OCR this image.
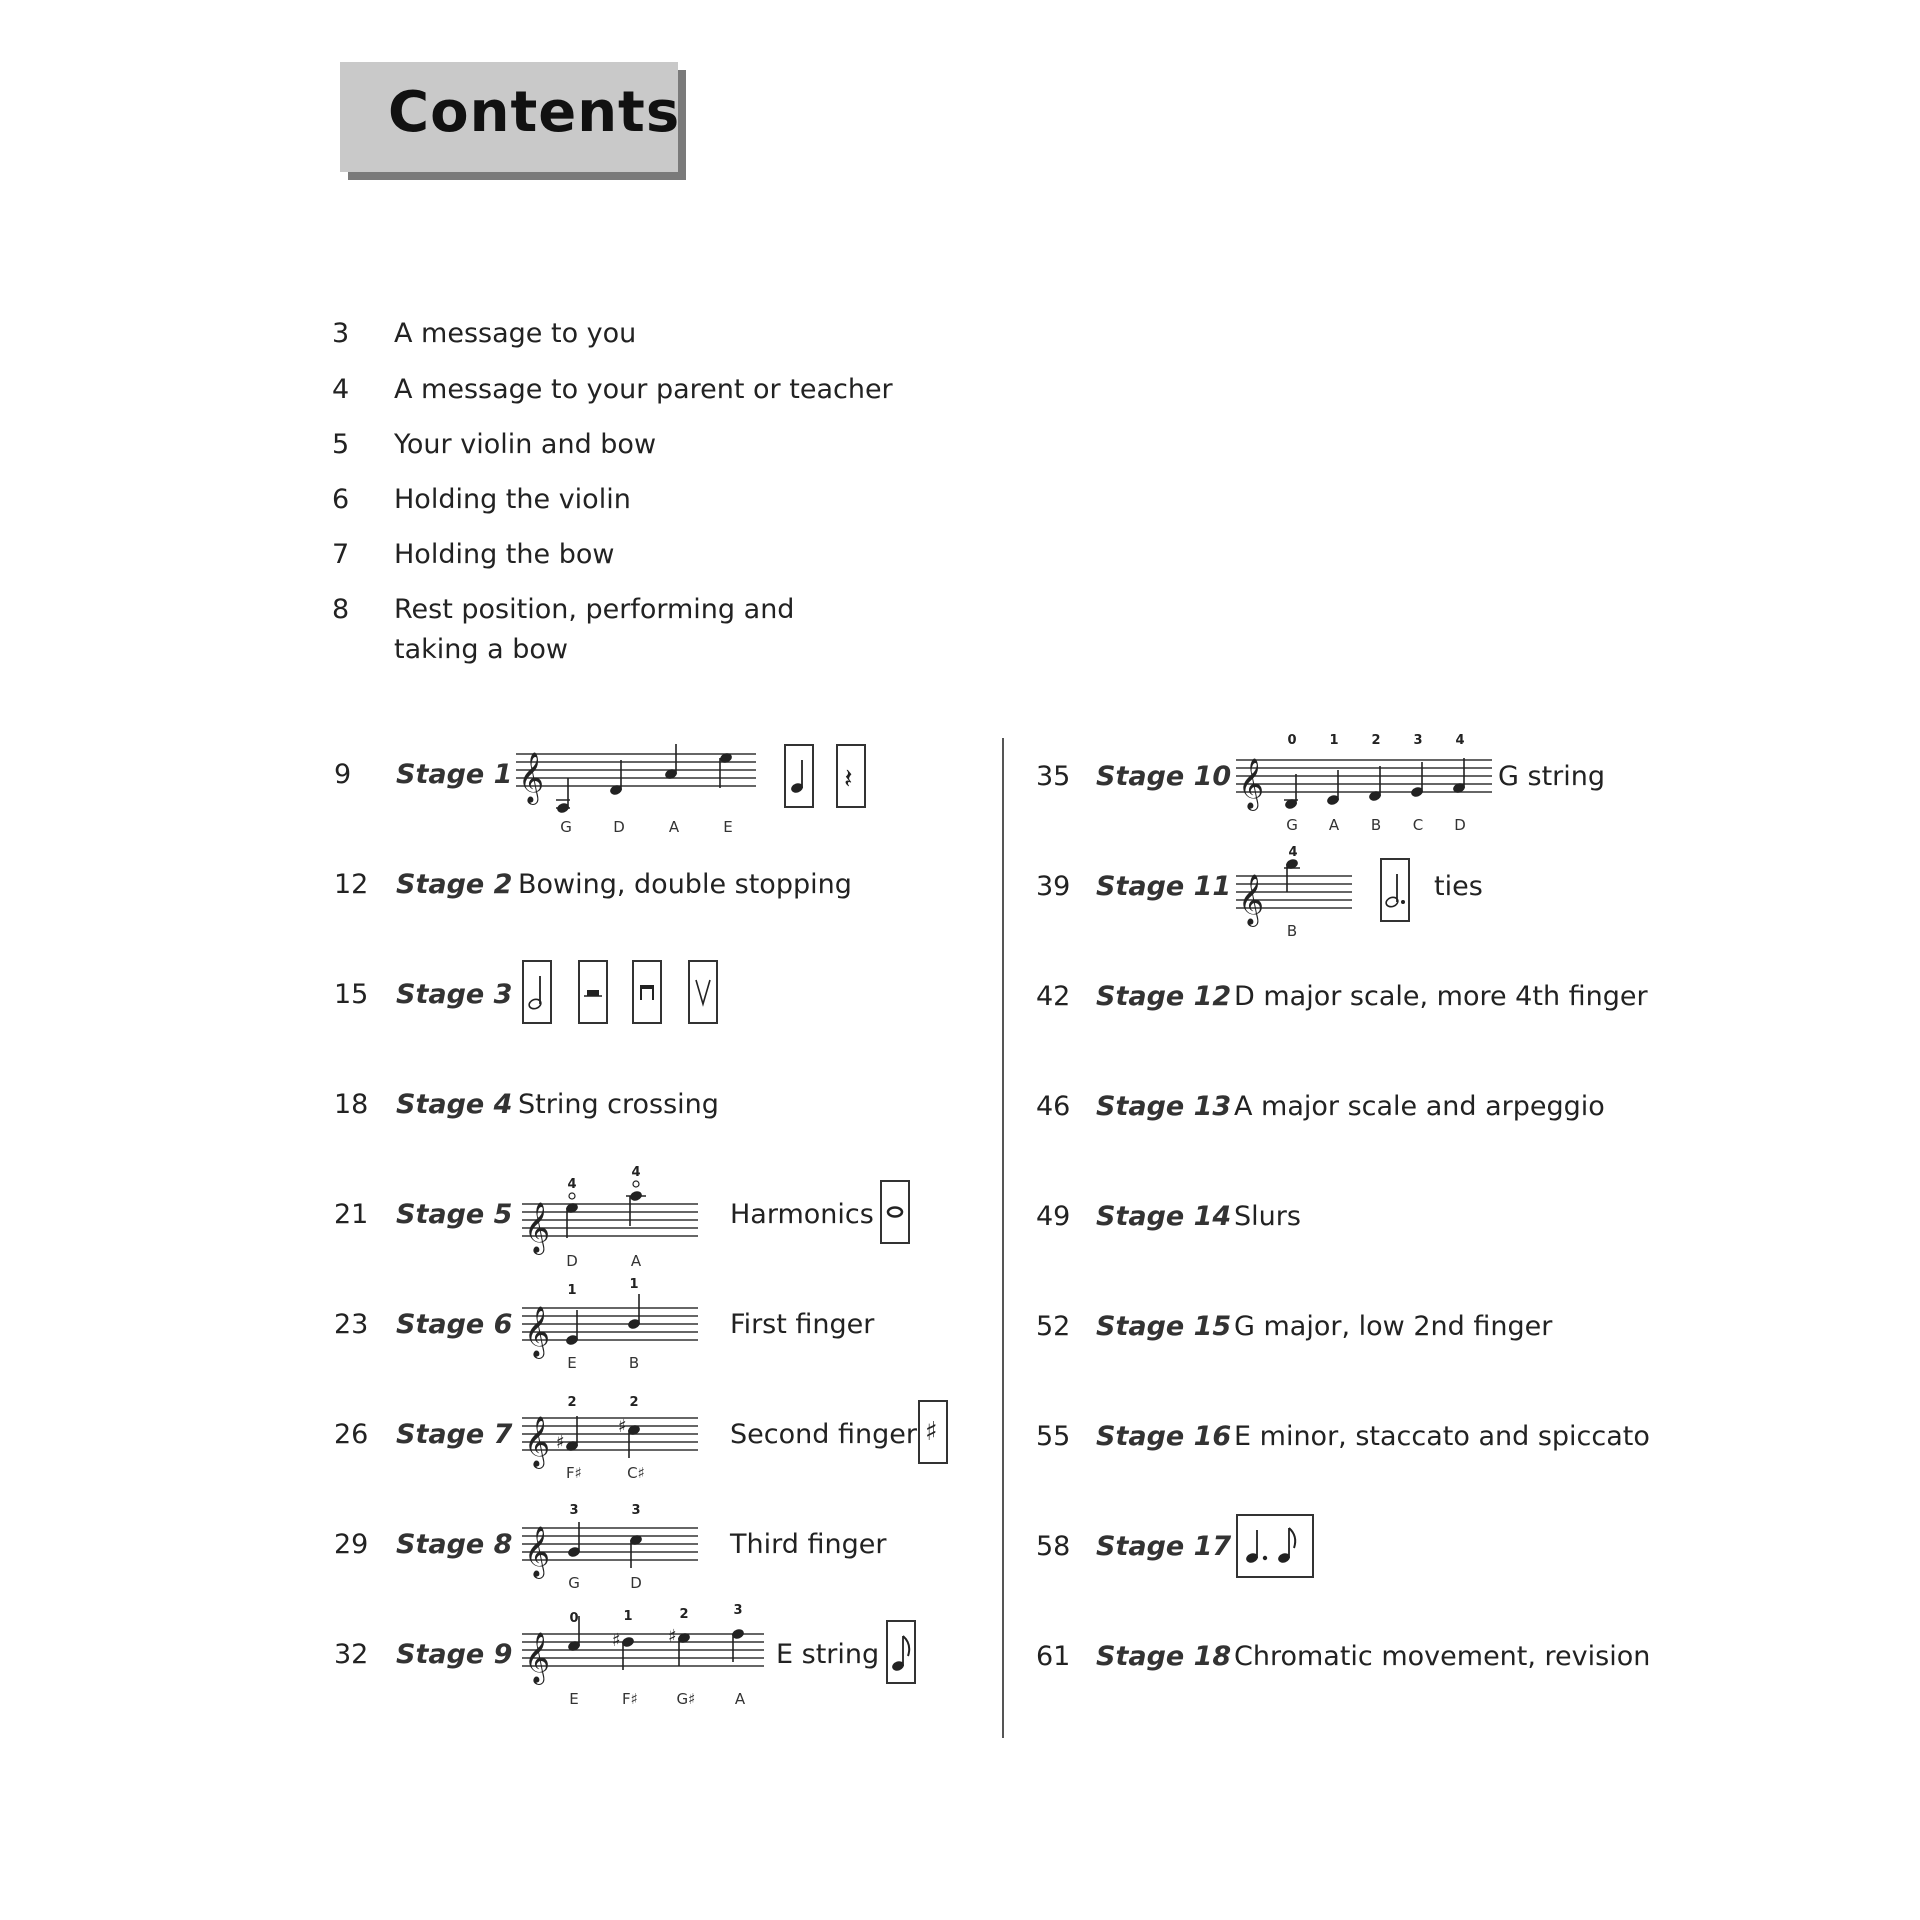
Contents
3	A message to you
4	A message to your parent or teacher
5	Your violin and bow
6	Holding the violin
7	Holding the bow
8	Rest position, performing and
taking a bow
9 Stage 1 𝄞
G	D	A	E
𝄽
12 Stage 2 Bowing, double stopping
15 Stage 3
18 Stage 4 String crossing
21 Stage 5	Harmonics
𝄞
4
4
D	A
23 Stage 6	First finger
𝄞
1	1
E	B
26 Stage 7	Second finger
𝄞
2	2
♯
♯
F♯	C♯
♯
29 Stage 8	Third finger
𝄞
3	3
G	D
32 Stage 9	E string
𝄞
0	1	2	3
♯	♯
E	F♯	G♯	A
35 Stage 10	G string
𝄞
0	1	2	3	4
G A B C D
39 Stage 11	ties
𝄞
4
B
42 Stage 12 D major scale, more 4th finger
46 Stage 13 A major scale and arpeggio
49 Stage 14 Slurs
52 Stage 15 G major, low 2nd finger
55 Stage 16 E minor, staccato and spiccato
58 Stage 17
61 Stage 18 Chromatic movement, revision
